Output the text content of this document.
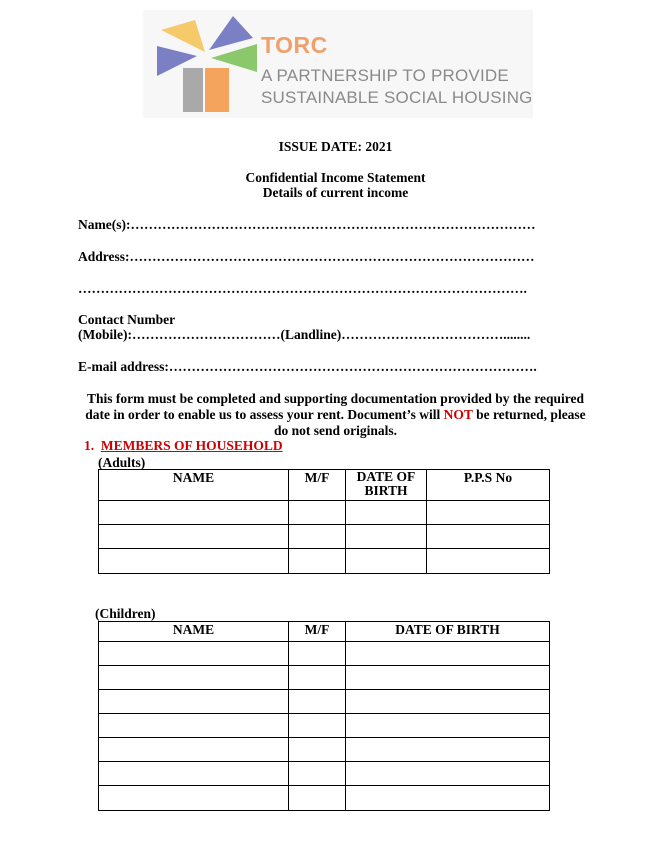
TORC
A PARTNERSHIP TO PROVIDE
SUSTAINABLE SOCIAL HOUSING
ISSUE DATE: 2021
Confidential Income Statement
Details of current income
Name(s):………………………………………………………………………………
Address:………………………………………………………………………………
……………………………………………………………………………………….
Contact Number
(Mobile):……………………………(Landline)………………………………........
E-mail address:……………………………………………………………………….
This form must be completed and supporting documentation provided by the required
date in order to enable us to assess your rent. Document’s will NOT be returned, please
do not send originals.
1. MEMBERS OF HOUSEHOLD
(Adults)
NAME	M/F	DATE OF BIRTH	P.P.S No

(Children)
NAME	M/F	DATE OF BIRTH
